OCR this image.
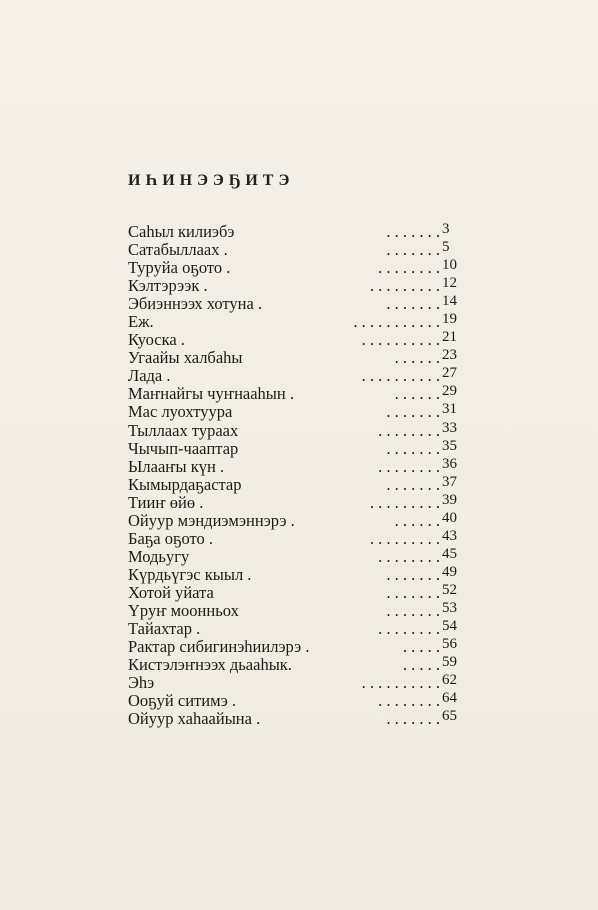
ИҺИНЭЭҔИТЭ
Саһыл килиэбэ	. . . . . . . 3
Сатабыллаах .	. . . . . . . 5
Туруйа оҕото .	. . . . . . . . 10
Кэлтэрээк .	. . . . . . . . . 12
Эбиэннээх хотуна .	. . . . . . . 14
Еж.	. . . . . . . . . . . 19
Куоска .	. . . . . . . . . . 21
Угаайы халбаһы	. . . . . . 23
Лада .	. . . . . . . . . . 27
Маҥнайгы чуҥнааһын .	. . . . . . 29
Мас луохтуура	. . . . . . . 31
Тыллаах тураах	. . . . . . . . 33
Чычып-чаaптар	. . . . . . . 35
Ылааҥы күн .	. . . . . . . . 36
Кымырдаҕастар	. . . . . . . 37
Тииҥ өйө .	. . . . . . . . . 39
Ойуур мэндиэмэннэрэ .	. . . . . . 40
Баҕа оҕото .	. . . . . . . . . 43
Модьугу	. . . . . . . . 45
Күрдьүгэс кыыл .	. . . . . . . 49
Хотой уйата	. . . . . . . 52
Үруҥ моонньох	. . . . . . . 53
Тайахтар .	. . . . . . . . 54
Рактар сибигинэһиилэрэ .	. . . . . 56
Кистэлэҥнээх дьааһык.	. . . . . 59
Эһэ	. . . . . . . . . . 62
Ооҕуй ситимэ .	. . . . . . . . 64
Ойуур хаһаайына .	. . . . . . . 65
